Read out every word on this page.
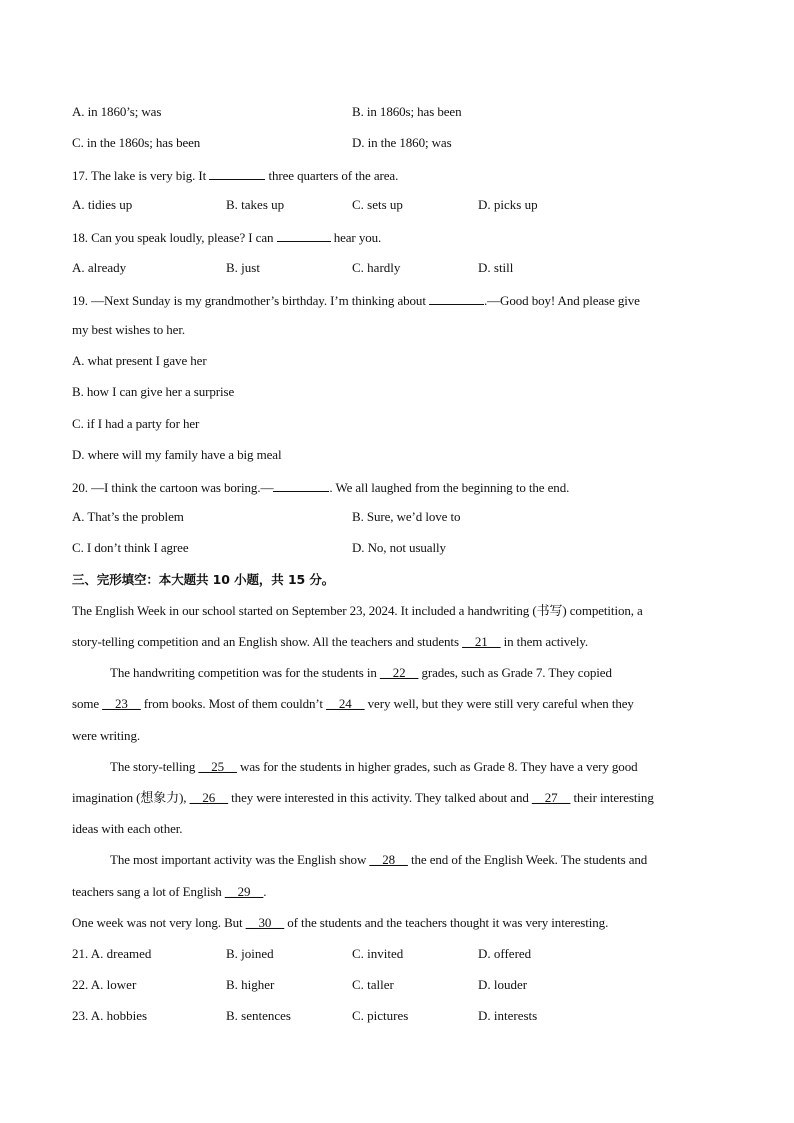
A. in 1860’s; was	B. in 1860s; has been
C. in the 1860s; has been	D. in the 1860; was
17. The lake is very big. It	three quarters of the area.
A. tidies up	B. takes up	C. sets up	D. picks up
18. Can you speak loudly, please? I can	hear you.
A. already	B. just	C. hardly	D. still
19. —Next Sunday is my grandmother’s birthday. I’m thinking about	.—Good boy! And please give
my best wishes to her.
A. what present I gave her
B. how I can give her a surprise
C. if I had a party for her
D. where will my family have a big meal
20. —I think the cartoon was boring.—	. We all laughed from the beginning to the end.
A. That’s the problem	B. Sure, we’d love to
C. I don’t think I agree	D. No, not usually
三、完形填空：本大题共 10 小题，共 15 分。
The English Week in our school started on September 23, 2024. It included a handwriting (书写) competition, a
story-telling competition and an English show. All the teachers and students __21__ in them actively.
The handwriting competition was for the students in __22__ grades, such as Grade 7. They copied
some __23__ from books. Most of them couldn’t __24__ very well, but they were still very careful when they
were writing.
The story-telling __25__ was for the students in higher grades, such as Grade 8. They have a very good
imagination (想象力), __26__ they were interested in this activity. They talked about and __27__ their interesting
ideas with each other.
The most important activity was the English show __28__ the end of the English Week. The students and
teachers sang a lot of English __29__.
One week was not very long. But __30__ of the students and the teachers thought it was very interesting.
21. A. dreamed	B. joined	C. invited	D. offered
22. A. lower	B. higher	C. taller	D. louder
23. A. hobbies	B. sentences	C. pictures	D. interests
